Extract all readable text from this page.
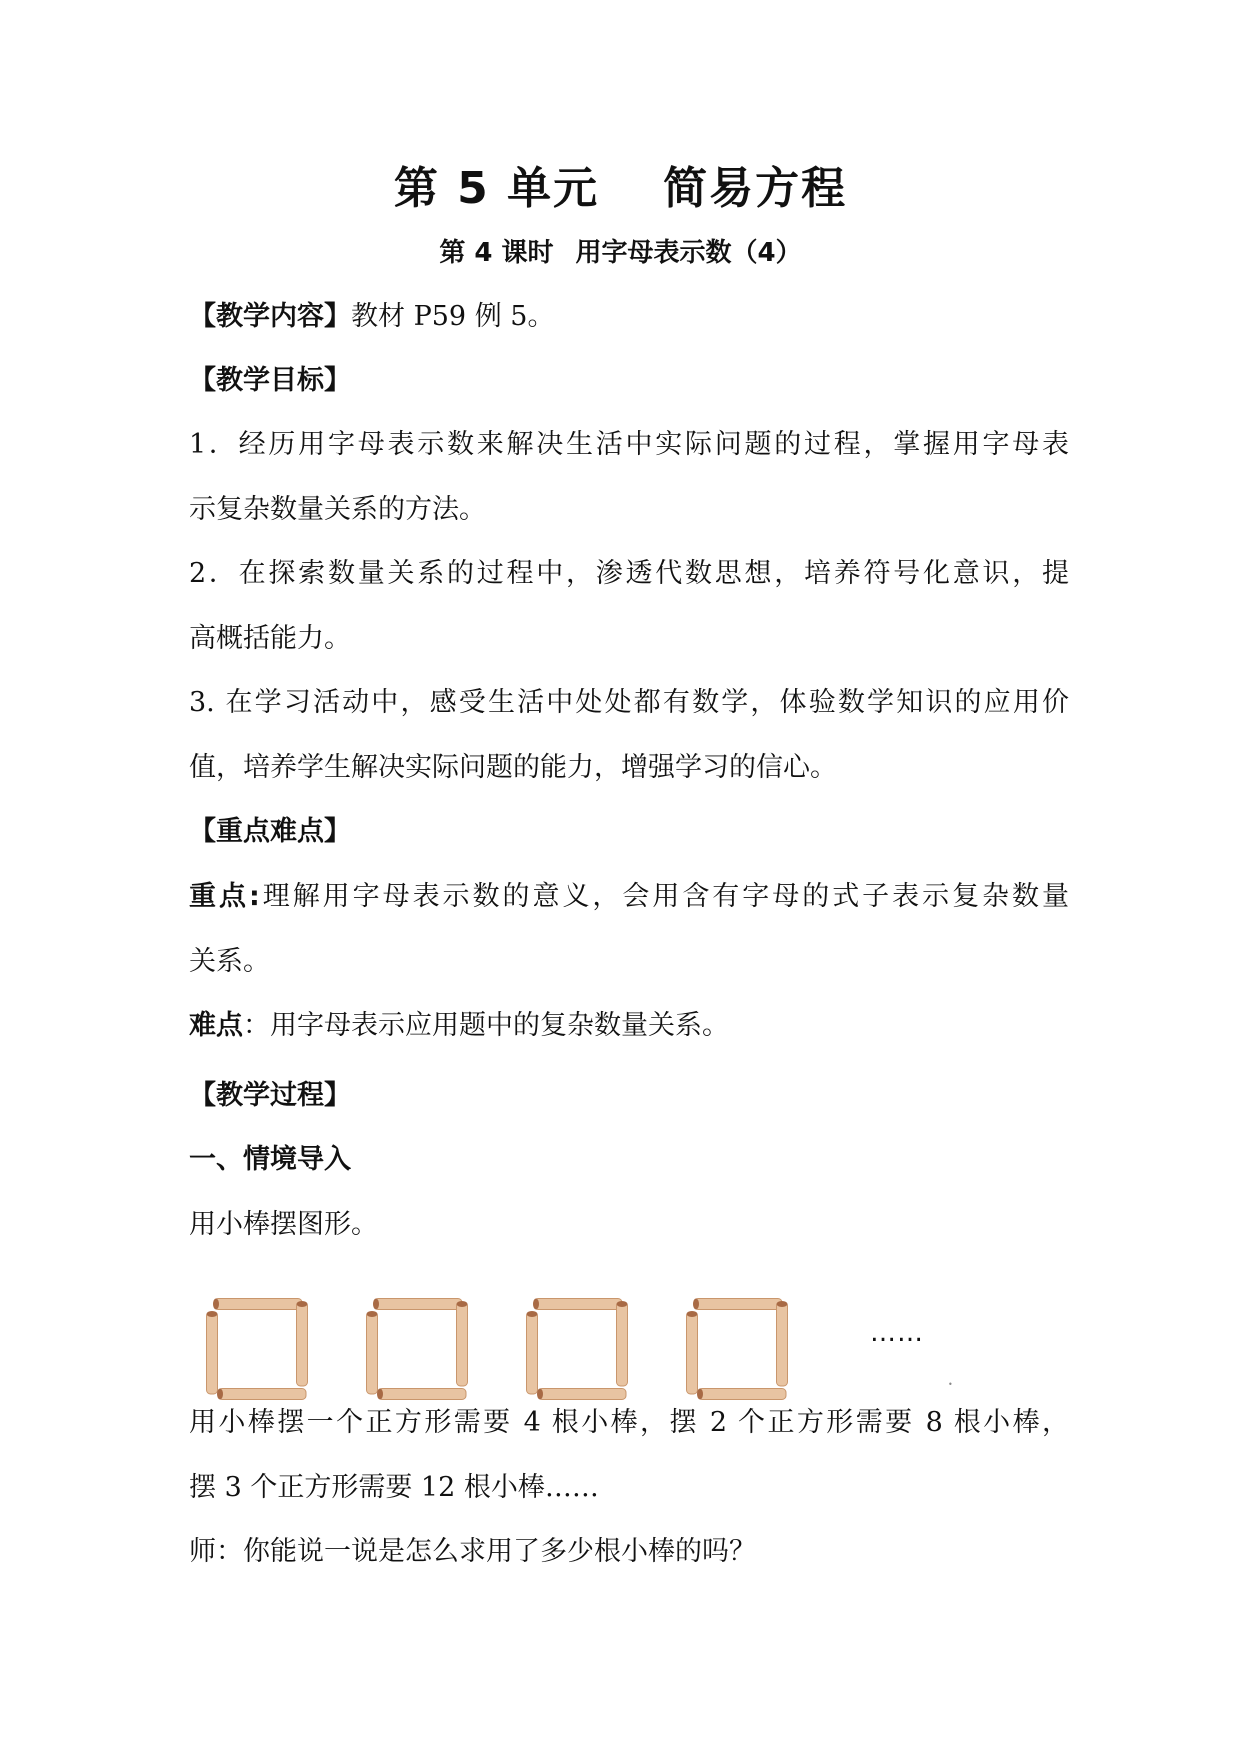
第 5 单元 简易方程
第 4 课时 用字母表示数（4）
【教学内容】教材 P59 例 5。
【教学目标】
1．经历用字母表示数来解决生活中实际问题的过程，掌握用字母表
示复杂数量关系的方法。
2．在探索数量关系的过程中，渗透代数思想，培养符号化意识，提
高概括能力。
3. 在学习活动中，感受生活中处处都有数学，体验数学知识的应用价
值，培养学生解决实际问题的能力，增强学习的信心。
【重点难点】
重点:理解用字母表示数的意义，会用含有字母的式子表示复杂数量
关系。
难点：用字母表示应用题中的复杂数量关系。
【教学过程】
一、情境导入
用小棒摆图形。
……
•
用小棒摆一个正方形需要 4 根小棒，摆 2 个正方形需要 8 根小棒，
摆 3 个正方形需要 12 根小棒……
师：你能说一说是怎么求用了多少根小棒的吗？
